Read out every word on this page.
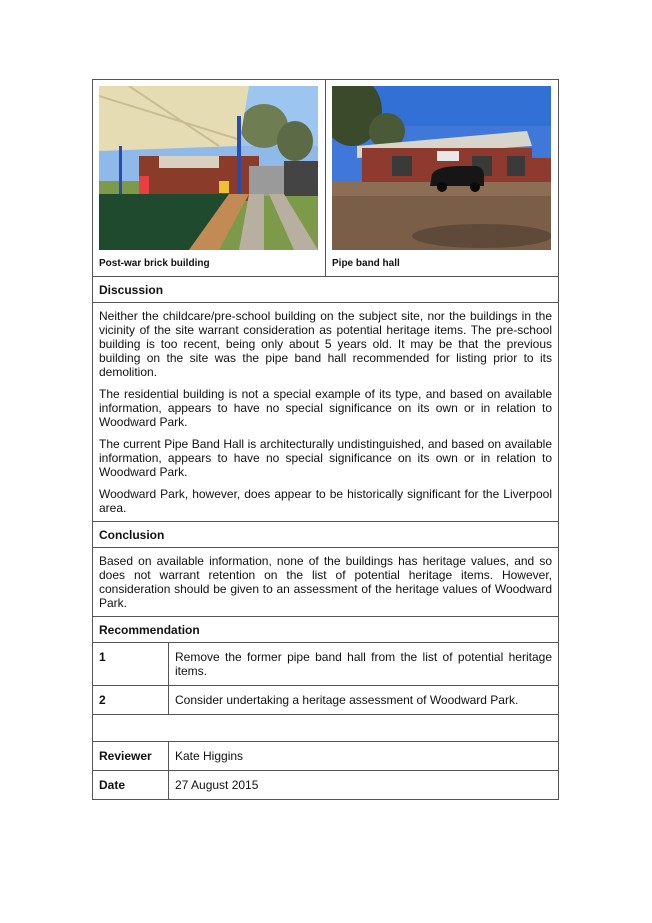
Post-war brick building	Pipe band hall
Discussion

Neither the childcare/pre-school building on the subject site, nor the buildings in the vicinity of the site warrant consideration as potential heritage items. The pre-school building is too recent, being only about 5 years old. It may be that the previous building on the site was the pipe band hall recommended for listing prior to its demolition.

The residential building is not a special example of its type, and based on available information, appears to have no special significance on its own or in relation to Woodward Park.

The current Pipe Band Hall is architecturally undistinguished, and based on available information, appears to have no special significance on its own or in relation to Woodward Park.

Woodward Park, however, does appear to be historically significant for the Liverpool area.

Conclusion

Based on available information, none of the buildings has heritage values, and so does not warrant retention on the list of potential heritage items. However, consideration should be given to an assessment of the heritage values of Woodward Park.

Recommendation
1	Remove the former pipe band hall from the list of potential heritage items.
2	Consider undertaking a heritage assessment of Woodward Park.
Reviewer	Kate Higgins
Date	27 August 2015
